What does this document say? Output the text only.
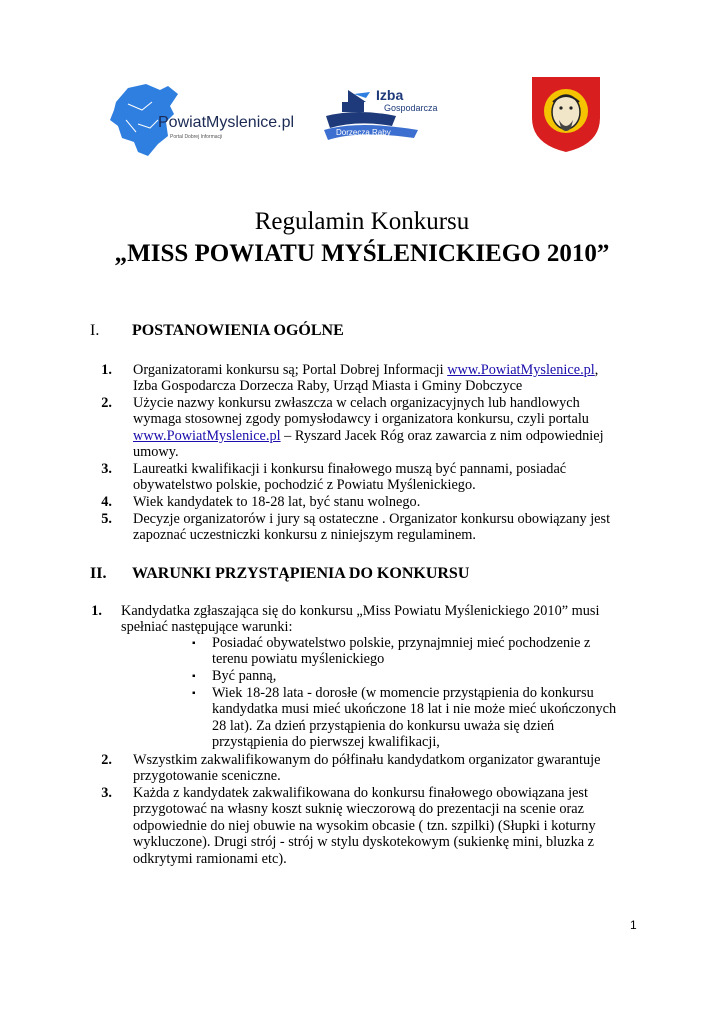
PowiatMyslenice.pl
Portal Dobrej Informacji
Izba
Gospodarcza
Dorzecza Raby
Regulamin Konkursu
„MISS POWIATU MYŚLENICKIEGO 2010”
I. POSTANOWIENIA OGÓLNE
1. Organizatorami konkursu są; Portal Dobrej Informacji www.PowiatMyslenice.pl,
Izba Gospodarcza Dorzecza Raby, Urząd Miasta i Gminy Dobczyce
2. Użycie nazwy konkursu zwłaszcza w celach organizacyjnych lub handlowych
wymaga stosownej zgody pomysłodawcy i organizatora konkursu, czyli portalu
www.PowiatMyslenice.pl – Ryszard Jacek Róg oraz zawarcia z nim odpowiedniej
umowy.
3. Laureatki kwalifikacji i konkursu finałowego muszą być pannami, posiadać
obywatelstwo polskie, pochodzić z Powiatu Myślenickiego.
4. Wiek kandydatek to 18-28 lat, być stanu wolnego.
5. Decyzje organizatorów i jury są ostateczne . Organizator konkursu obowiązany jest
zapoznać uczestniczki konkursu z niniejszym regulaminem.
II. WARUNKI PRZYSTĄPIENIA DO KONKURSU
1. Kandydatka zgłaszająca się do konkursu „Miss Powiatu Myślenickiego 2010” musi
spełniać następujące warunki:
▪ Posiadać obywatelstwo polskie, przynajmniej mieć pochodzenie z
terenu powiatu myślenickiego
▪ Być panną,
▪ Wiek 18-28 lata - dorosłe (w momencie przystąpienia do konkursu
kandydatka musi mieć ukończone 18 lat i nie może mieć ukończonych
28 lat). Za dzień przystąpienia do konkursu uważa się dzień
przystąpienia do pierwszej kwalifikacji,
2. Wszystkim zakwalifikowanym do półfinału kandydatkom organizator gwarantuje
przygotowanie sceniczne.
3. Każda z kandydatek zakwalifikowana do konkursu finałowego obowiązana jest
przygotować na własny koszt suknię wieczorową do prezentacji na scenie oraz
odpowiednie do niej obuwie na wysokim obcasie ( tzn. szpilki) (Słupki i koturny
wykluczone). Drugi strój - strój w stylu dyskotekowym (sukienkę mini, bluzka z
odkrytymi ramionami etc).
1
